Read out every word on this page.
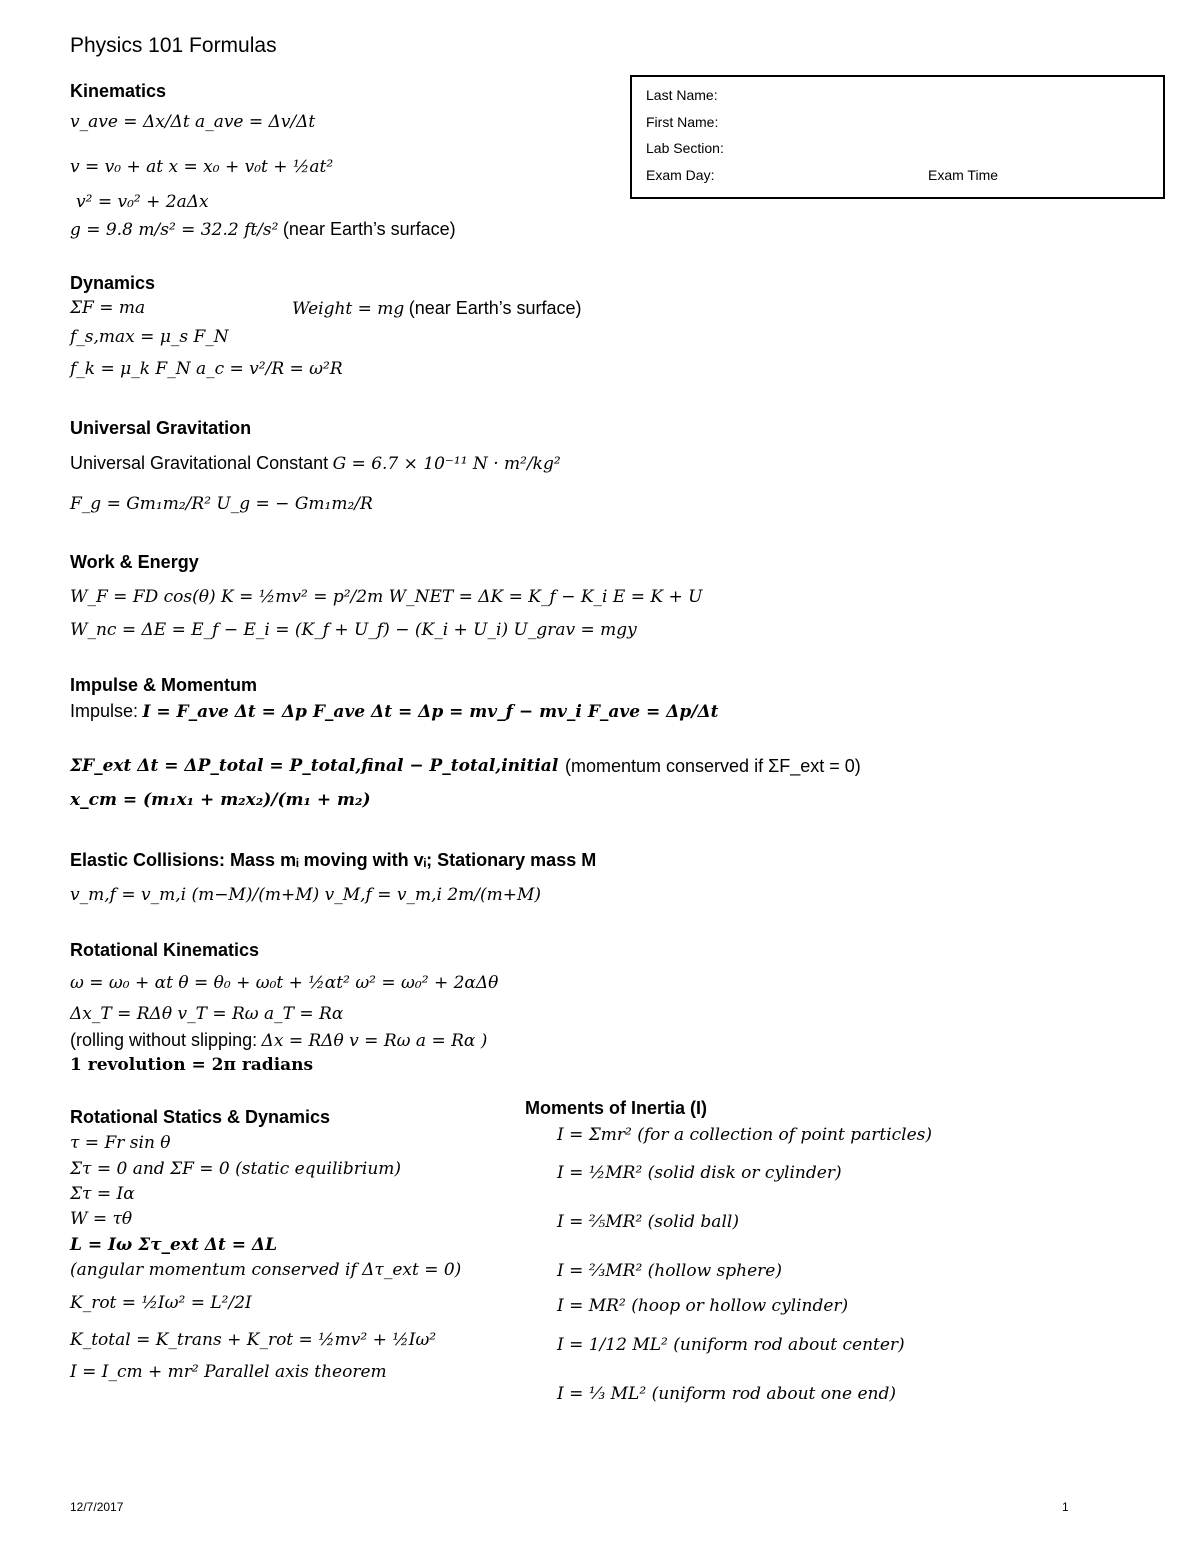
Physics 101 Formulas
Last Name:
First Name:
Lab Section:
Exam Day:	Exam Time
Kinematics
v_ave = Δx/Δt a_ave = Δv/Δt
v = v₀ + at x = x₀ + v₀t + ½at²
v² = v₀² + 2aΔx
g = 9.8 m/s² = 32.2 ft/s² (near Earth’s surface)
Dynamics
ΣF = ma	Weight = mg (near Earth’s surface)
f_s,max = μ_s F_N
f_k = μ_k F_N a_c = v²/R = ω²R
Universal Gravitation
Universal Gravitational Constant G = 6.7 × 10⁻¹¹ N · m²/kg²
F_g = Gm₁m₂/R² U_g = − Gm₁m₂/R
Work & Energy
W_F = FD cos(θ) K = ½mv² = p²/2m W_NET = ΔK = K_f − K_i E = K + U
W_nc = ΔE = E_f − E_i = (K_f + U_f) − (K_i + U_i) U_grav = mgy
Impulse & Momentum
Impulse: I = F_ave Δt = Δp F_ave Δt = Δp = mv_f − mv_i F_ave = Δp/Δt
ΣF_ext Δt = ΔP_total = P_total,final − P_total,initial (momentum conserved if ΣF_ext = 0)
x_cm = (m₁x₁ + m₂x₂)/(m₁ + m₂)
Elastic Collisions: Mass mᵢ moving with vᵢ; Stationary mass M
v_m,f = v_m,i (m−M)/(m+M) v_M,f = v_m,i 2m/(m+M)
Rotational Kinematics
ω = ω₀ + αt θ = θ₀ + ω₀t + ½αt² ω² = ω₀² + 2αΔθ
Δx_T = RΔθ v_T = Rω a_T = Rα
(rolling without slipping: Δx = RΔθ v = Rω a = Rα )
1 revolution = 2π radians
Rotational Statics & Dynamics
τ = Fr sin θ
Στ = 0 and ΣF = 0 (static equilibrium)
Στ = Iα
W = τθ
L = Iω Στ_ext Δt = ΔL
(angular momentum conserved if Δτ_ext = 0)
K_rot = ½Iω² = L²/2I
K_total = K_trans + K_rot = ½mv² + ½Iω²
I = I_cm + mr² Parallel axis theorem
Moments of Inertia (I)
I = Σmr² (for a collection of point particles)
I = ½MR² (solid disk or cylinder)
I = ⅖MR² (solid ball)
I = ⅔MR² (hollow sphere)
I = MR² (hoop or hollow cylinder)
I = 1/12 ML² (uniform rod about center)
I = ⅓ ML² (uniform rod about one end)
12/7/2017	1
